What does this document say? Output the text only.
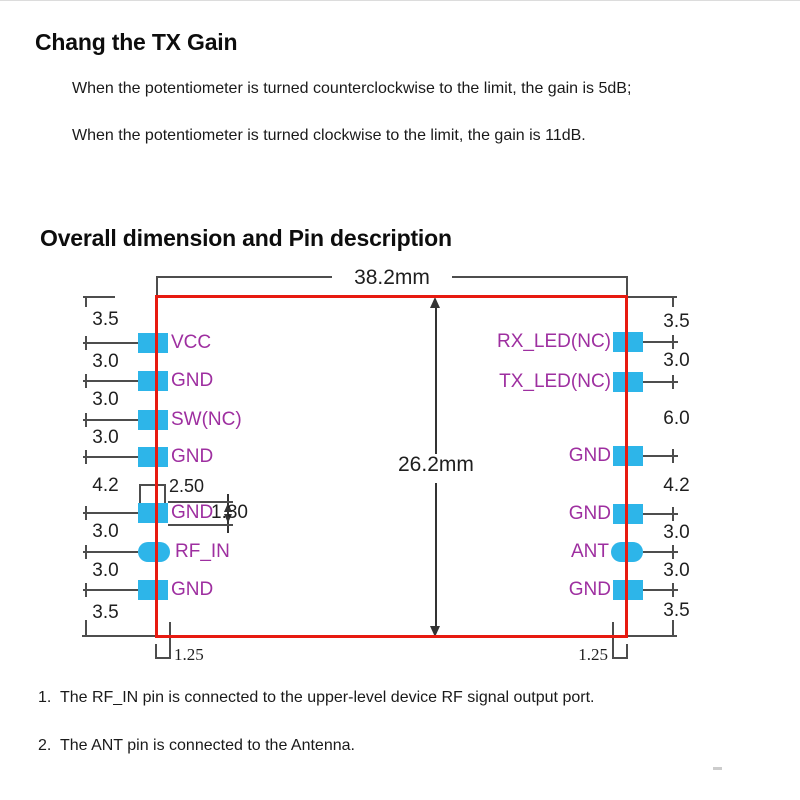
Chang the TX Gain
When the potentiometer is turned counterclockwise to the limit, the gain is 5dB;
When the potentiometer is turned clockwise to the limit, the gain is 11dB.
Overall dimension and Pin description
38.2mm
26.2mm
3.5
3.0
3.0
3.0
4.2
3.0
3.0
3.5
3.5
3.0
6.0
4.2
3.0
3.0
3.5
VCC
GND
SW(NC)
GND
GND
RF_IN
GND
RX_LED(NC)
TX_LED(NC)
GND
GND
ANT
GND
2.50
1.30
1.25	1.25
1.  The RF_IN pin is connected to the upper-level device RF signal output port.
2.  The ANT pin is connected to the Antenna.
